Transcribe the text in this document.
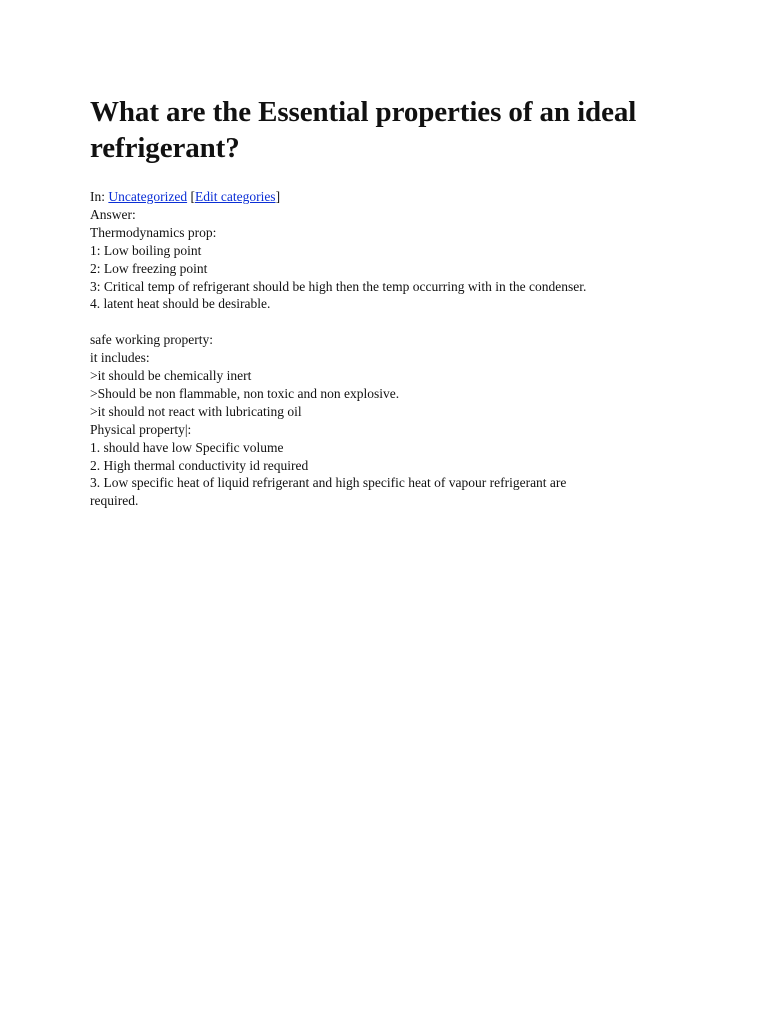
What are the Essential properties of an ideal refrigerant?
In: Uncategorized [Edit categories]
Answer:
Thermodynamics prop:
1: Low boiling point
2: Low freezing point
3: Critical temp of refrigerant should be high then the temp occurring with in the condenser.
4. latent heat should be desirable.
safe working property:
it includes:
>it should be chemically inert
>Should be non flammable, non toxic and non explosive.
>it should not react with lubricating oil
Physical property|:
1. should have low Specific volume
2. High thermal conductivity id required
3. Low specific heat of liquid refrigerant and high specific heat of vapour refrigerant are
required.
